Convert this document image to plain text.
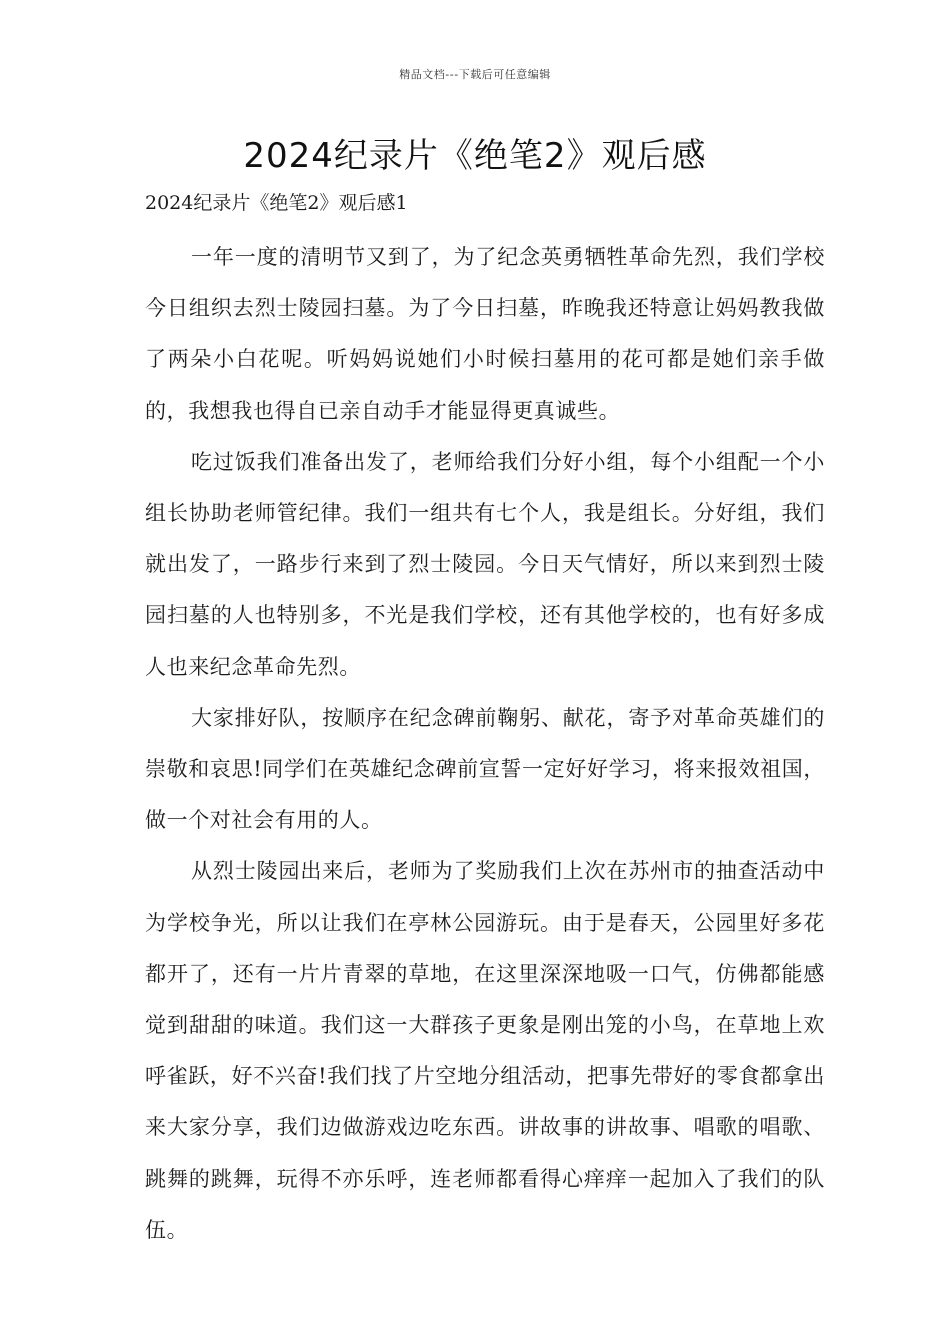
精品文档---下载后可任意编辑
2024纪录片《绝笔2》观后感
2024纪录片《绝笔2》观后感1

一年一度的清明节又到了，为了纪念英勇牺牲革命先烈，我们学校今日组织去烈士陵园扫墓。为了今日扫墓，昨晚我还特意让妈妈教我做了两朵小白花呢。听妈妈说她们小时候扫墓用的花可都是她们亲手做的，我想我也得自已亲自动手才能显得更真诚些。

吃过饭我们准备出发了，老师给我们分好小组，每个小组配一个小组长协助老师管纪律。我们一组共有七个人，我是组长。分好组，我们就出发了，一路步行来到了烈士陵园。今日天气情好，所以来到烈士陵园扫墓的人也特别多，不光是我们学校，还有其他学校的，也有好多成人也来纪念革命先烈。

大家排好队，按顺序在纪念碑前鞠躬、献花，寄予对革命英雄们的崇敬和哀思!同学们在英雄纪念碑前宣誓一定好好学习，将来报效祖国，做一个对社会有用的人。

从烈士陵园出来后，老师为了奖励我们上次在苏州市的抽查活动中为学校争光，所以让我们在亭林公园游玩。由于是春天，公园里好多花都开了，还有一片片青翠的草地，在这里深深地吸一口气，仿佛都能感觉到甜甜的味道。我们这一大群孩子更象是刚出笼的小鸟，在草地上欢呼雀跃，好不兴奋!我们找了片空地分组活动，把事先带好的零食都拿出来大家分享，我们边做游戏边吃东西。讲故事的讲故事、唱歌的唱歌、跳舞的跳舞，玩得不亦乐呼，连老师都看得心痒痒一起加入了我们的队伍。
